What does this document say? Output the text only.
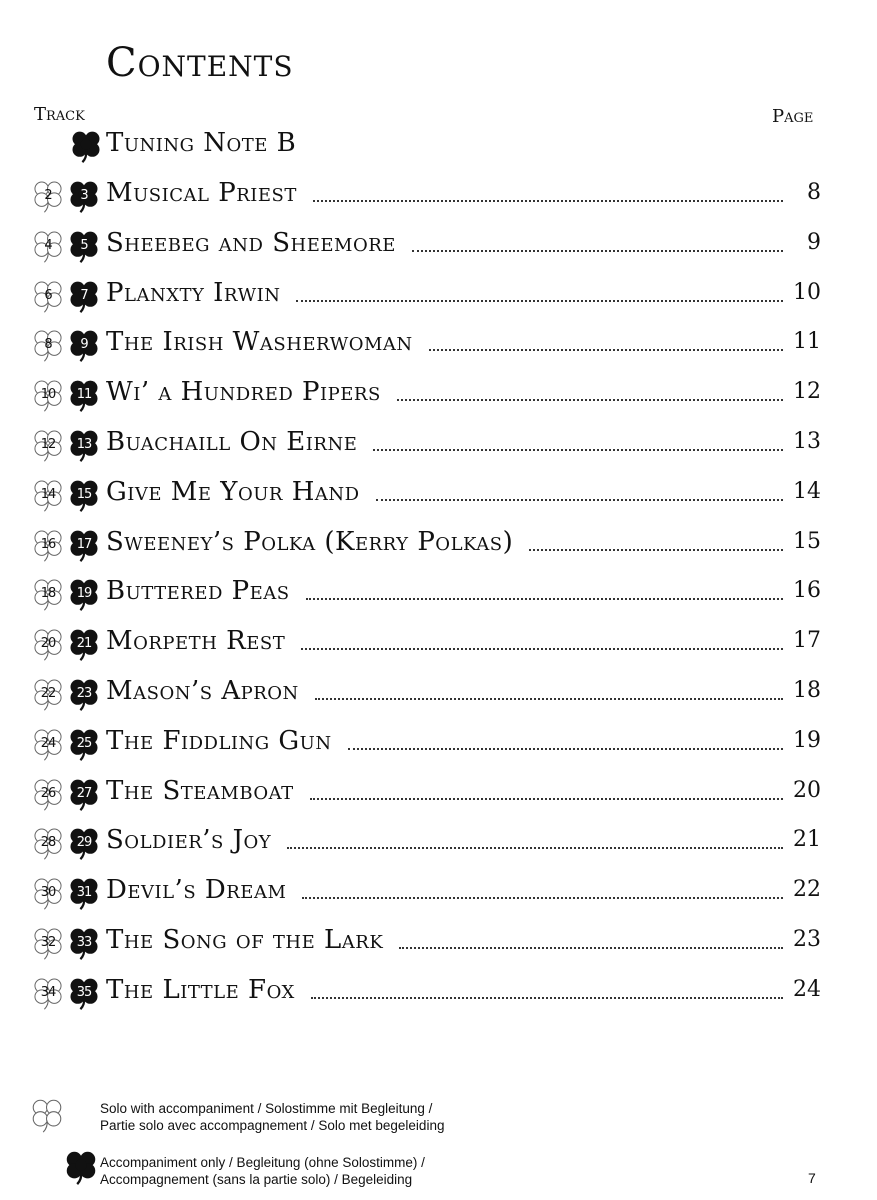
Contents
Track	Page
Tuning Note B
2	3 Musical Priest	8
4	5 Sheebeg and Sheemore	9
6	7 Planxty Irwin	10
8	9 The Irish Washerwoman	11
10	11 Wi’ a Hundred Pipers	12
12	13 Buachaill On Eirne	13
14	15 Give Me Your Hand	14
16	17 Sweeney’s Polka (Kerry Polkas)	15
18	19 Buttered Peas	16
20	21 Morpeth Rest	17
22	23 Mason’s Apron	18
24	25 The Fiddling Gun	19
26	27 The Steamboat	20
28	29 Soldier’s Joy	21
30	31 Devil’s Dream	22
32	33 The Song of the Lark	23
34	35 The Little Fox	24
Solo with accompaniment / Solostimme mit Begleitung /
Partie solo avec accompagnement / Solo met begeleiding
Accompaniment only / Begleitung (ohne Solostimme) /
Accompagnement (sans la partie solo) / Begeleiding	7
